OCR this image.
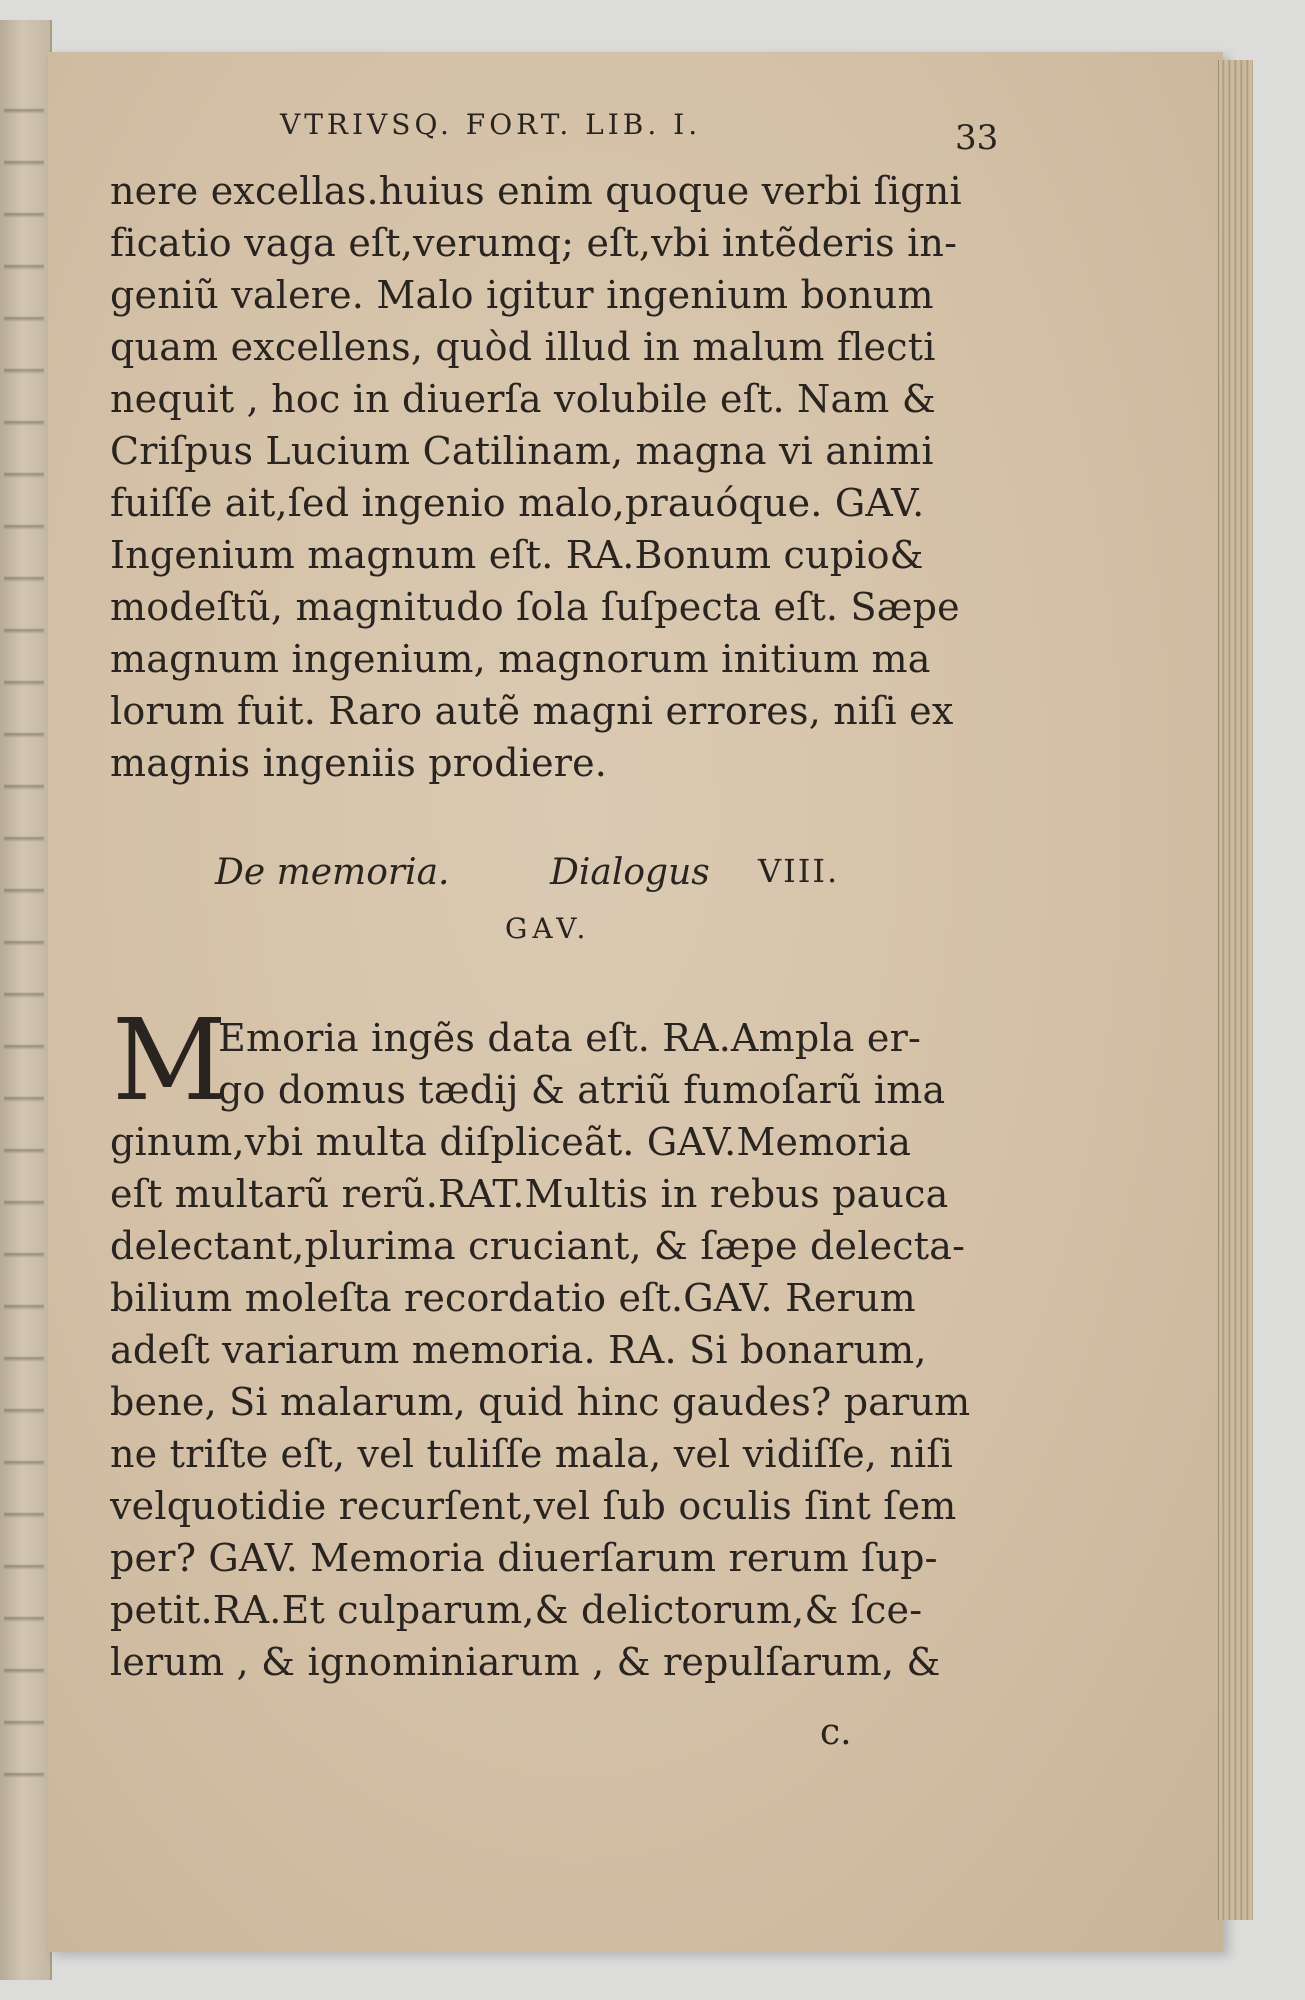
VTRIVSQ. FORT. LIB. I.	33
nere excellas.huius enim quoque verbi ſigni
ficatio vaga eſt,verumq; eſt,vbi intẽderis in-
geniũ valere. Malo igitur ingenium bonum
quam excellens, quòd illud in malum flecti
nequit , hoc in diuerſa volubile eſt. Nam &
Criſpus Lucium Catilinam, magna vi animi
fuiſſe ait,ſed ingenio malo,prauóque. GAV.
Ingenium magnum eſt. RA.Bonum cupio&
modeſtũ, magnitudo ſola ſuſpecta eſt. Sæpe
magnum ingenium, magnorum initium ma
lorum fuit. Raro autẽ magni errores, niſi ex
magnis ingeniis prodiere.
De memoria.	Dialogus VIII.
GAV.
M
Emoria ingẽs data eſt. RA.Ampla er-
go domus tædij & atriũ fumoſarũ ima
ginum,vbi multa diſpliceãt. GAV.Memoria
eſt multarũ rerũ.RAT.Multis in rebus pauca
delectant,plurima cruciant, & ſæpe delecta-
bilium moleſta recordatio eſt.GAV. Rerum
adeſt variarum memoria. RA. Si bonarum,
bene, Si malarum, quid hinc gaudes? parum
ne triſte eſt, vel tuliſſe mala, vel vidiſſe, niſi
velquotidie recurſent,vel ſub oculis ſint ſem
per? GAV. Memoria diuerſarum rerum ſup-
petit.RA.Et culparum,& delictorum,& ſce-
lerum , & ignominiarum , & repulſarum, &
c.
